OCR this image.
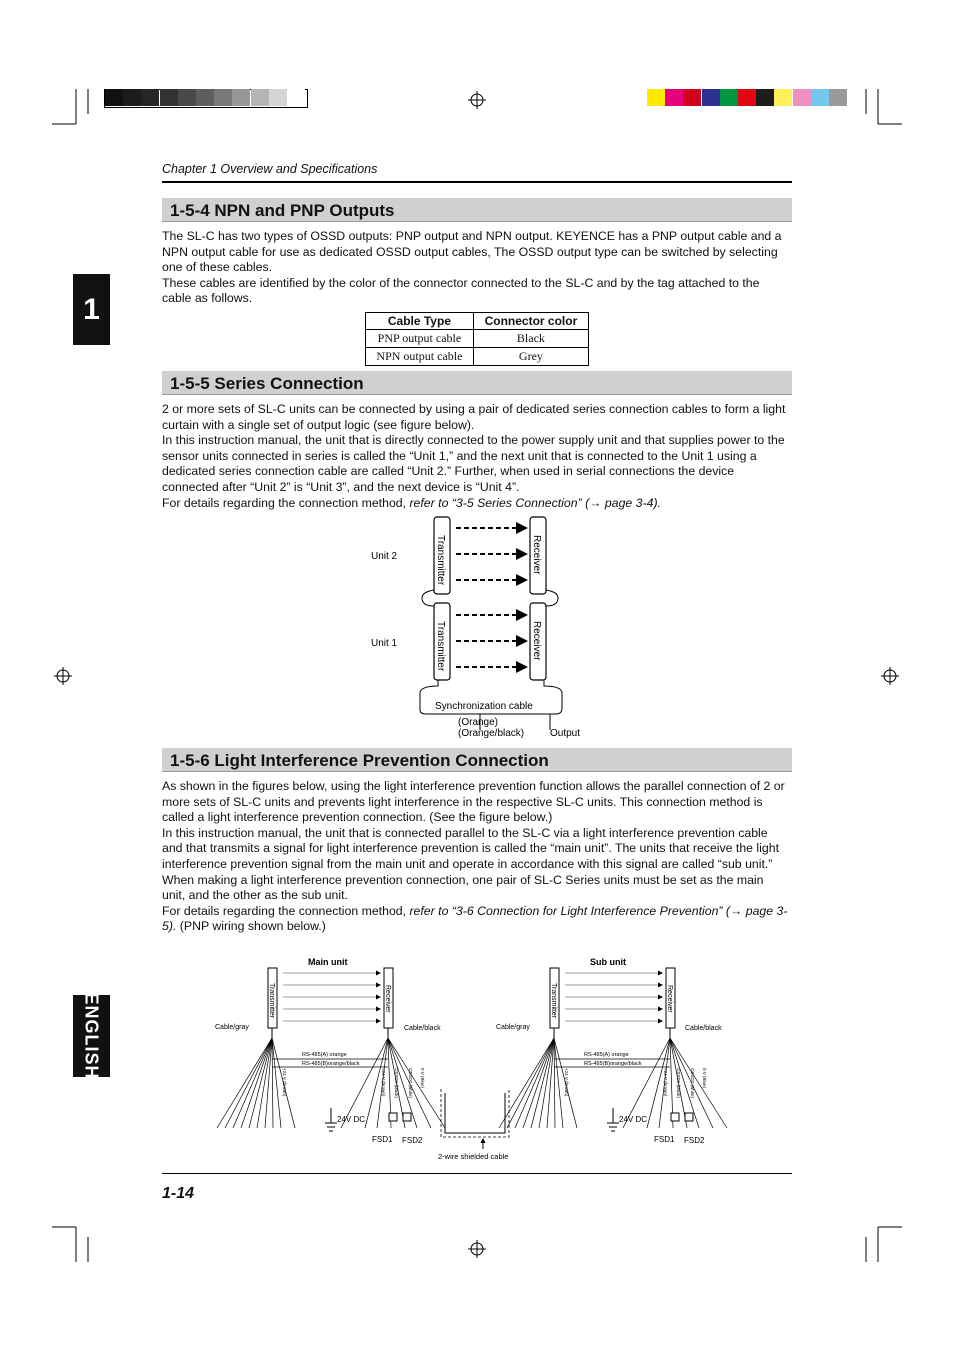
Chapter 1 Overview and Specifications
1
ENGLISH
1-5-4 NPN and PNP Outputs

The SL-C has two types of OSSD outputs: PNP output and NPN output. KEYENCE has a PNP output cable and a NPN output cable for use as dedicated OSSD output cables, The OSSD output type can be switched by selecting one of these cables.

These cables are identified by the color of the connector connected to the SL-C and by the tag attached to the cable as follows.

Cable Type	Connector color
PNP output cable	Black
NPN output cable	Grey
1-5-5 Series Connection

2 or more sets of SL-C units can be connected by using a pair of dedicated series connection cables to form a light curtain with a single set of output logic (see figure below).

In this instruction manual, the unit that is directly connected to the power supply unit and that supplies power to the sensor units connected in series is called the “Unit 1,” and the next unit that is connected to the Unit 1 using a dedicated series connection cable are called “Unit 2.” Further, when used in serial connections the device connected after “Unit 2” is “Unit 3”, and the next device is “Unit 4”.

For details regarding the connection method, refer to “3-5 Series Connection” (→ page 3-4).

Unit 2
Unit 1
Transmitter	Receiver
Transmitter	Receiver
Synchronization cable
(Orange)
(Orange/black)	Output
1-5-6 Light Interference Prevention Connection

As shown in the figures below, using the light interference prevention function allows the parallel connection of 2 or more sets of SL-C units and prevents light interference in the respective SL-C units. This connection method is called a light interference prevention connection. (See the figure below.)

In this instruction manual, the unit that is connected parallel to the SL-C via a light interference prevention cable and that transmits a signal for light interference prevention is called the “main unit”. The units that receive the light interference prevention signal from the main unit and operate in accordance with this signal are called “sub unit.”

When making a light interference prevention connection, one pair of SL-C Series units must be set as the main unit, and the other as the sub unit.

For details regarding the connection method, refer to “3-6 Connection for Light Interference Prevention” (→ page 3-5). (PNP wiring shown below.)

Main unit
Transmitter	Receiver
Cable/gray	Cable/black
RS-485(A) orange
RS-485(B)orange/black
+24 V (brown)	+24 V (brown) OSSD1 (black) OSSD2 (white) 0 V (Blue)
24V DC
FSD1 FSD2
Sub unit
Transmitter	Receiver
Cable/gray	Cable/black
RS-485(A) orange
RS-485(B)orange/black
+24 V (brown)	+24 V (brown) OSSD1 (black) OSSD2 (white) 0 V (Blue)
24V DC
FSD1 FSD2
2-wire shielded cable
1-14
